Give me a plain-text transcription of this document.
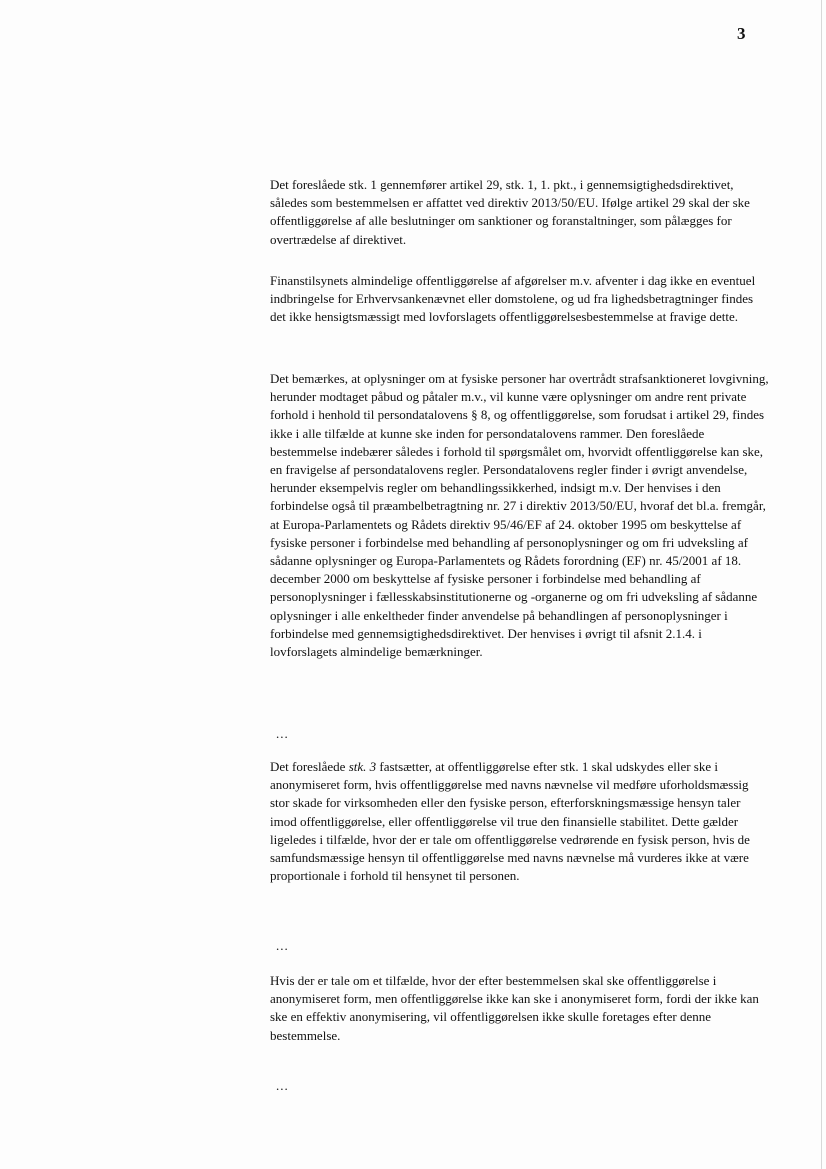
3

Det foreslåede stk. 1 gennemfører artikel 29, stk. 1, 1. pkt., i gennemsigtighedsdirektivet, således som bestemmelsen er affattet ved direktiv 2013/50/EU. Ifølge artikel 29 skal der ske offentliggørelse af alle beslutninger om sanktioner og foranstaltninger, som pålægges for overtrædelse af direktivet.

Finanstilsynets almindelige offentliggørelse af afgørelser m.v. afventer i dag ikke en eventuel indbringelse for Erhvervsankenævnet eller domstolene, og ud fra lighedsbetragtninger findes det ikke hensigtsmæssigt med lovforslagets offentliggørelsesbestemmelse at fravige dette.

Det bemærkes, at oplysninger om at fysiske personer har overtrådt strafsanktioneret lovgivning, herunder modtaget påbud og påtaler m.v., vil kunne være oplysninger om andre rent private forhold i henhold til persondatalovens § 8, og offentliggørelse, som forudsat i artikel 29, findes ikke i alle tilfælde at kunne ske inden for persondatalovens rammer. Den foreslåede bestemmelse indebærer således i forhold til spørgsmålet om, hvorvidt offentliggørelse kan ske, en fravigelse af persondatalovens regler. Persondatalovens regler finder i øvrigt anvendelse, herunder eksempelvis regler om behandlingssikkerhed, indsigt m.v. Der henvises i den forbindelse også til præambelbetragtning nr. 27 i direktiv 2013/50/EU, hvoraf det bl.a. fremgår, at Europa-Parlamentets og Rådets direktiv 95/46/EF af 24. oktober 1995 om beskyttelse af fysiske personer i forbindelse med behandling af personoplysninger og om fri udveksling af sådanne oplysninger og Europa-Parlamentets og Rådets forordning (EF) nr. 45/2001 af 18. december 2000 om beskyttelse af fysiske personer i forbindelse med behandling af personoplysninger i fællesskabsinstitutionerne og -organerne og om fri udveksling af sådanne oplysninger i alle enkeltheder finder anvendelse på behandlingen af personoplysninger i forbindelse med gennemsigtighedsdirektivet. Der henvises i øvrigt til afsnit 2.1.4. i lovforslagets almindelige bemærkninger.

...

Det foreslåede stk. 3 fastsætter, at offentliggørelse efter stk. 1 skal udskydes eller ske i anonymiseret form, hvis offentliggørelse med navns nævnelse vil medføre uforholdsmæssig stor skade for virksomheden eller den fysiske person, efterforskningsmæssige hensyn taler imod offentliggørelse, eller offentliggørelse vil true den finansielle stabilitet. Dette gælder ligeledes i tilfælde, hvor der er tale om offentliggørelse vedrørende en fysisk person, hvis de samfundsmæssige hensyn til offentliggørelse med navns nævnelse må vurderes ikke at være proportionale i forhold til hensynet til personen.

...

Hvis der er tale om et tilfælde, hvor der efter bestemmelsen skal ske offentliggørelse i anonymiseret form, men offentliggørelse ikke kan ske i anonymiseret form, fordi der ikke kan ske en effektiv anonymisering, vil offentliggørelsen ikke skulle foretages efter denne bestemmelse.

...
